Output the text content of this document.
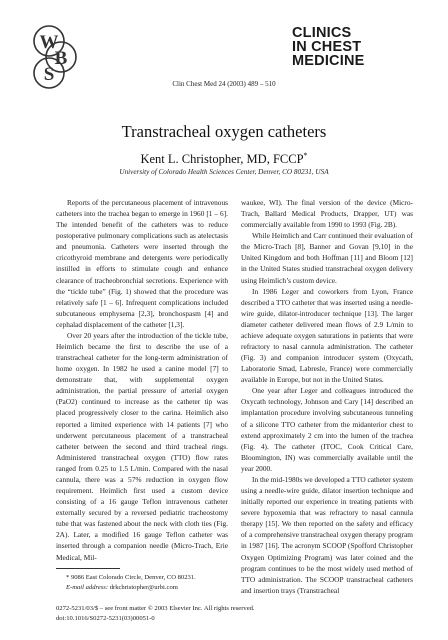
W
B
S
CLINICS
IN CHEST
MEDICINE
Clin Chest Med 24 (2003) 489 – 510
Transtracheal oxygen catheters
Kent L. Christopher, MD, FCCP*
University of Colorado Health Sciences Center, Denver, CO 80231, USA

Reports of the percutaneous placement of intravenous catheters into the trachea began to emerge in 1960 [1 – 6]. The intended benefit of the catheters was to reduce postoperative pulmonary complications such as atelectasis and pneumonia. Catheters were inserted through the cricothyroid membrane and detergents were periodically instilled in efforts to stimulate cough and enhance clearance of tracheobronchial secretions. Experience with the “tickle tube” (Fig. 1) showed that the procedure was relatively safe [1 – 6]. Infrequent complications included subcutaneous emphysema [2,3], bronchospasm [4] and cephalad displacement of the catheter [1,3].

Over 20 years after the introduction of the tickle tube, Heimlich became the first to describe the use of a transtracheal catheter for the long-term administration of home oxygen. In 1982 he used a canine model [7] to demonstrate that, with supplemental oxygen administration, the partial pressure of arterial oxygen (PaO2) continued to increase as the catheter tip was placed progressively closer to the carina. Heimlich also reported a limited experience with 14 patients [7] who underwent percutaneous placement of a transtracheal catheter between the second and third tracheal rings. Administered transtracheal oxygen (TTO) flow rates ranged from 0.25 to 1.5 L/min. Compared with the nasal cannula, there was a 57% reduction in oxygen flow requirement. Heimlich first used a custom device consisting of a 16 gauge Teflon intravenous catheter externally secured by a reversed pediatric tracheostomy tube that was fastened about the neck with cloth ties (Fig. 2A). Later, a modified 16 gauge Teflon catheter was inserted through a companion needle (Micro-Trach, Erie Medical, Mil-

waukee, WI). The final version of the device (Micro-Trach, Ballard Medical Products, Drapper, UT) was commercially available from 1990 to 1993 (Fig. 2B).

While Heimlich and Carr continued their evaluation of the Micro-Trach [8], Banner and Govan [9,10] in the United Kingdom and both Hoffman [11] and Bloom [12] in the United States studied transtracheal oxygen delivery using Heimlich’s custom device.

In 1986 Leger and coworkers from Lyon, France described a TTO catheter that was inserted using a needle-wire guide, dilator-introducer technique [13]. The larger diameter catheter delivered mean flows of 2.9 L/min to achieve adequate oxygen saturations in patients that were refractory to nasal cannula administration. The catheter (Fig. 3) and companion introducer system (Oxycath, Laboratorie Smad, Labresle, France) were commercially available in Europe, but not in the United States.

One year after Leger and colleagues introduced the Oxycath technology, Johnson and Cary [14] described an implantation procedure involving subcutaneous tunneling of a silicone TTO catheter from the midanterior chest to extend approximately 2 cm into the lumen of the trachea (Fig. 4). The catheter (ITOC, Cook Critical Care, Bloomington, IN) was commercially available until the year 2000.

In the mid-1980s we developed a TTO catheter system using a needle-wire guide, dilator insertion technique and initially reported our experience in treating patients with severe hypoxemia that was refractory to nasal cannula therapy [15]. We then reported on the safety and efficacy of a comprehensive transtracheal oxygen therapy program in 1987 [16]. The acronym SCOOP (Spofford Christopher Oxygen Optimizing Program) was later coined and the program continues to be the most widely used method of TTO administration. The SCOOP transtracheal catheters and insertion trays (Transtracheal

* 9086 East Colorado Circle, Denver, CO 80231.
E-mail address: drkchristopher@urbi.com
0272-5231/03/$ – see front matter © 2003 Elsevier Inc. All rights reserved.
doi:10.1016/S0272-5231(03)00051-0
